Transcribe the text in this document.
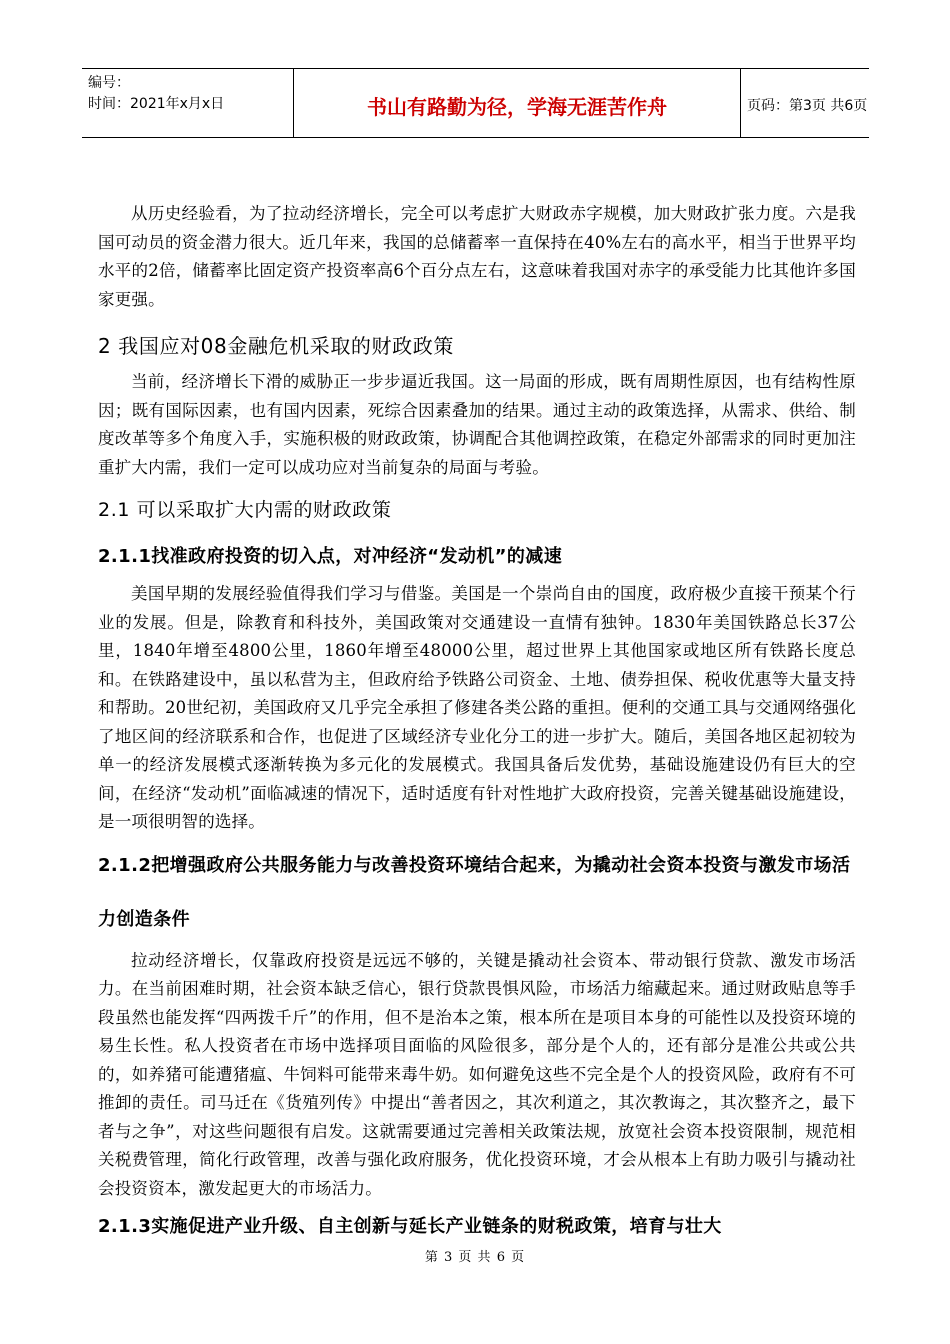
编号：
时间：2021年x月x日	书山有路勤为径，学海无涯苦作舟	页码：第3页 共6页

从历史经验看，为了拉动经济增长，完全可以考虑扩大财政赤字规模，加大财政扩张力度。六是我国可动员的资金潜力很大。近几年来，我国的总储蓄率一直保持在40%左右的高水平，相当于世界平均水平的2倍，储蓄率比固定资产投资率高6个百分点左右，这意味着我国对赤字的承受能力比其他许多国家更强。

2 我国应对08金融危机采取的财政政策

当前，经济增长下滑的威胁正一步步逼近我国。这一局面的形成，既有周期性原因，也有结构性原因；既有国际因素，也有国内因素，死综合因素叠加的结果。通过主动的政策选择，从需求、供给、制度改革等多个角度入手，实施积极的财政政策，协调配合其他调控政策，在稳定外部需求的同时更加注重扩大内需，我们一定可以成功应对当前复杂的局面与考验。

2.1 可以采取扩大内需的财政政策
2.1.1找准政府投资的切入点，对冲经济“发动机”的减速

美国早期的发展经验值得我们学习与借鉴。美国是一个崇尚自由的国度，政府极少直接干预某个行业的发展。但是，除教育和科技外，美国政策对交通建设一直情有独钟。1830年美国铁路总长37公里，1840年增至4800公里，1860年增至48000公里，超过世界上其他国家或地区所有铁路长度总和。在铁路建设中，虽以私营为主，但政府给予铁路公司资金、土地、债券担保、税收优惠等大量支持和帮助。20世纪初，美国政府又几乎完全承担了修建各类公路的重担。便利的交通工具与交通网络强化了地区间的经济联系和合作，也促进了区域经济专业化分工的进一步扩大。随后，美国各地区起初较为单一的经济发展模式逐渐转换为多元化的发展模式。我国具备后发优势，基础设施建设仍有巨大的空间，在经济“发动机”面临减速的情况下，适时适度有针对性地扩大政府投资，完善关键基础设施建设，是一项很明智的选择。

2.1.2把增强政府公共服务能力与改善投资环境结合起来，为撬动社会资本投资与激发市场活力创造条件

拉动经济增长，仅靠政府投资是远远不够的，关键是撬动社会资本、带动银行贷款、激发市场活力。在当前困难时期，社会资本缺乏信心，银行贷款畏惧风险，市场活力缩藏起来。通过财政贴息等手段虽然也能发挥“四两拨千斤”的作用，但不是治本之策，根本所在是项目本身的可能性以及投资环境的易生长性。私人投资者在市场中选择项目面临的风险很多，部分是个人的，还有部分是准公共或公共的，如养猪可能遭猪瘟、牛饲料可能带来毒牛奶。如何避免这些不完全是个人的投资风险，政府有不可推卸的责任。司马迁在《货殖列传》中提出“善者因之，其次利道之，其次教诲之，其次整齐之，最下者与之争”，对这些问题很有启发。这就需要通过完善相关政策法规，放宽社会资本投资限制，规范相关税费管理，简化行政管理，改善与强化政府服务，优化投资环境，才会从根本上有助力吸引与撬动社会投资资本，激发起更大的市场活力。

2.1.3实施促进产业升级、自主创新与延长产业链条的财税政策，培育与壮大
第 3 页 共 6 页
